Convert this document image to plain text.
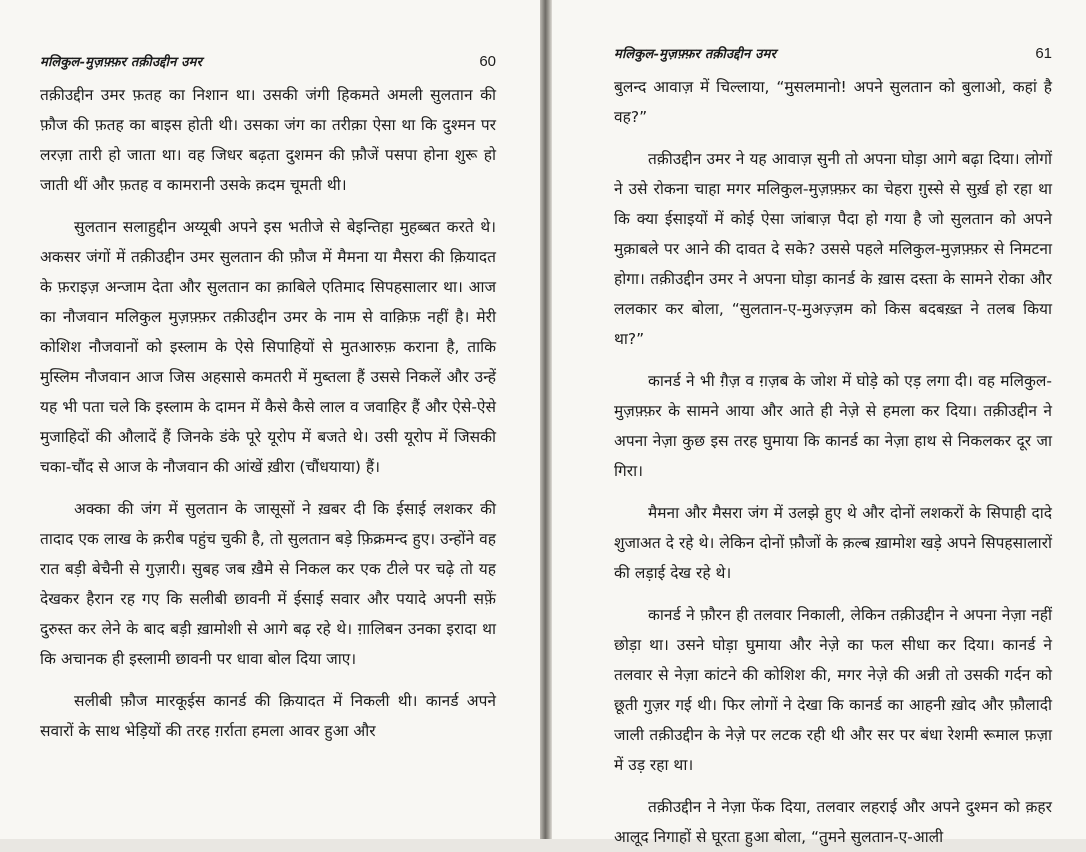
मलिकुल-मुज़फ़्फ़र तक़ीउद्दीन उमर	60

तक़ीउद्दीन उमर फ़तह का निशान था। उसकी जंगी हिकमते अमली सुलतान की फ़ौज की फ़तह का बाइस होती थी। उसका जंग का तरीक़ा ऐसा था कि दुश्मन पर लरज़ा तारी हो जाता था। वह जिधर बढ़ता दुशमन की फ़ौजें पसपा होना शुरू हो जाती थीं और फ़तह व कामरानी उसके क़दम चूमती थी।

सुलतान सलाहुद्दीन अय्यूबी अपने इस भतीजे से बेइन्तिहा मुहब्बत करते थे। अकसर जंगों में तक़ीउद्दीन उमर सुलतान की फ़ौज में मैमना या मैसरा की क़ियादत के फ़राइज़ अन्जाम देता और सुलतान का क़ाबिले एतिमाद सिपहसालार था। आज का नौजवान मलिकुल मुज़फ़्फ़र तक़ीउद्दीन उमर के नाम से वाक़िफ़ नहीं है। मेरी कोशिश नौजवानों को इस्लाम के ऐसे सिपाहियों से मुतआरुफ़ कराना है, ताकि मुस्लिम नौजवान आज जिस अहसासे कमतरी में मुब्तला हैं उससे निकलें और उन्हें यह भी पता चले कि इस्लाम के दामन में कैसे कैसे लाल व जवाहिर हैं और ऐसे-ऐसे मुजाहिदों की औलादें हैं जिनके डंके पूरे यूरोप में बजते थे। उसी यूरोप में जिसकी चका-चौंद से आज के नौजवान की आंखें ख़ीरा (चौंधयाया) हैं।

अक्का की जंग में सुलतान के जासूसों ने ख़बर दी कि ईसाई लशकर की तादाद एक लाख के क़रीब पहुंच चुकी है, तो सुलतान बड़े फ़िक्रमन्द हुए। उन्होंने वह रात बड़ी बेचैनी से गुज़ारी। सुबह जब ख़ैमे से निकल कर एक टीले पर चढ़े तो यह देखकर हैरान रह गए कि सलीबी छावनी में ईसाई सवार और पयादे अपनी सफ़ें दुरुस्त कर लेने के बाद बड़ी ख़ामोशी से आगे बढ़ रहे थे। ग़ालिबन उनका इरादा था कि अचानक ही इस्लामी छावनी पर धावा बोल दिया जाए।

सलीबी फ़ौज मारकूईस कानर्ड की क़ियादत में निकली थी। कानर्ड अपने सवारों के साथ भेड़ियों की तरह ग़र्राता हमला आवर हुआ और

मलिकुल-मुज़फ़्फ़र तक़ीउद्दीन उमर	61

बुलन्द आवाज़ में चिल्लाया, “मुसलमानो! अपने सुलतान को बुलाओ, कहां है वह?”

तक़ीउद्दीन उमर ने यह आवाज़ सुनी तो अपना घोड़ा आगे बढ़ा दिया। लोगों ने उसे रोकना चाहा मगर मलिकुल-मुज़फ़्फ़र का चेहरा ग़ुस्से से सुर्ख़ हो रहा था कि क्या ईसाइयों में कोई ऐसा जांबाज़ पैदा हो गया है जो सुलतान को अपने मुक़ाबले पर आने की दावत दे सके? उससे पहले मलिकुल-मुज़फ़्फ़र से निमटना होगा। तक़ीउद्दीन उमर ने अपना घोड़ा कानर्ड के ख़ास दस्ता के सामने रोका और ललकार कर बोला, “सुलतान-ए-मुअज़्ज़म को किस बदबख़्त ने तलब किया था?”

कानर्ड ने भी ग़ैज़ व ग़ज़ब के जोश में घोड़े को एड़ लगा दी। वह मलिकुल-मुज़फ़्फ़र के सामने आया और आते ही नेज़े से हमला कर दिया। तक़ीउद्दीन ने अपना नेज़ा कुछ इस तरह घुमाया कि कानर्ड का नेज़ा हाथ से निकलकर दूर जा गिरा।

मैमना और मैसरा जंग में उलझे हुए थे और दोनों लशकरों के सिपाही दादे शुजाअत दे रहे थे। लेकिन दोनों फ़ौजों के क़ल्ब ख़ामोश खड़े अपने सिपहसालारों की लड़ाई देख रहे थे।

कानर्ड ने फ़ौरन ही तलवार निकाली, लेकिन तक़ीउद्दीन ने अपना नेज़ा नहीं छोड़ा था। उसने घोड़ा घुमाया और नेज़े का फल सीधा कर दिया। कानर्ड ने तलवार से नेज़ा कांटने की कोशिश की, मगर नेज़े की अन्नी तो उसकी गर्दन को छूती गुज़र गई थी। फिर लोगों ने देखा कि कानर्ड का आहनी ख़ोद और फ़ौलादी जाली तक़ीउद्दीन के नेज़े पर लटक रही थी और सर पर बंधा रेशमी रूमाल फ़ज़ा में उड़ रहा था।

तक़ीउद्दीन ने नेज़ा फेंक दिया, तलवार लहराई और अपने दुश्मन को क़हर आलूद निगाहों से घूरता हुआ बोला, “तुमने सुलतान-ए-आली
